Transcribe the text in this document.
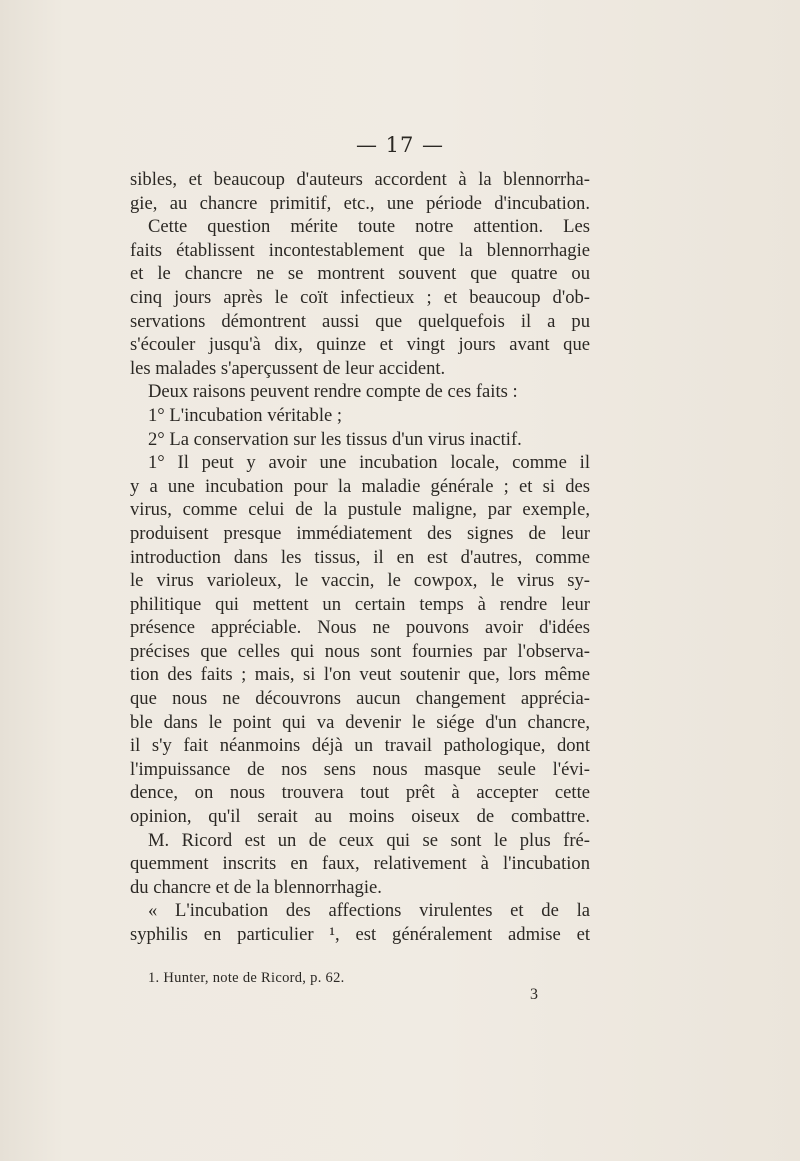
— 17 —
sibles, et beaucoup d'auteurs accordent à la blennorrha-
gie, au chancre primitif, etc., une période d'incubation.
Cette question mérite toute notre attention. Les
faits établissent incontestablement que la blennorrhagie
et le chancre ne se montrent souvent que quatre ou
cinq jours après le coït infectieux ; et beaucoup d'ob-
servations démontrent aussi que quelquefois il a pu
s'écouler jusqu'à dix, quinze et vingt jours avant que
les malades s'aperçussent de leur accident.
Deux raisons peuvent rendre compte de ces faits :
1° L'incubation véritable ;
2° La conservation sur les tissus d'un virus inactif.
1° Il peut y avoir une incubation locale, comme il
y a une incubation pour la maladie générale ; et si des
virus, comme celui de la pustule maligne, par exemple,
produisent presque immédiatement des signes de leur
introduction dans les tissus, il en est d'autres, comme
le virus varioleux, le vaccin, le cowpox, le virus sy-
philitique qui mettent un certain temps à rendre leur
présence appréciable. Nous ne pouvons avoir d'idées
précises que celles qui nous sont fournies par l'observa-
tion des faits ; mais, si l'on veut soutenir que, lors même
que nous ne découvrons aucun changement apprécia-
ble dans le point qui va devenir le siége d'un chancre,
il s'y fait néanmoins déjà un travail pathologique, dont
l'impuissance de nos sens nous masque seule l'évi-
dence, on nous trouvera tout prêt à accepter cette
opinion, qu'il serait au moins oiseux de combattre.
M. Ricord est un de ceux qui se sont le plus fré-
quemment inscrits en faux, relativement à l'incubation
du chancre et de la blennorrhagie.
« L'incubation des affections virulentes et de la
syphilis en particulier ¹, est généralement admise et
1. Hunter, note de Ricord, p. 62.
3
